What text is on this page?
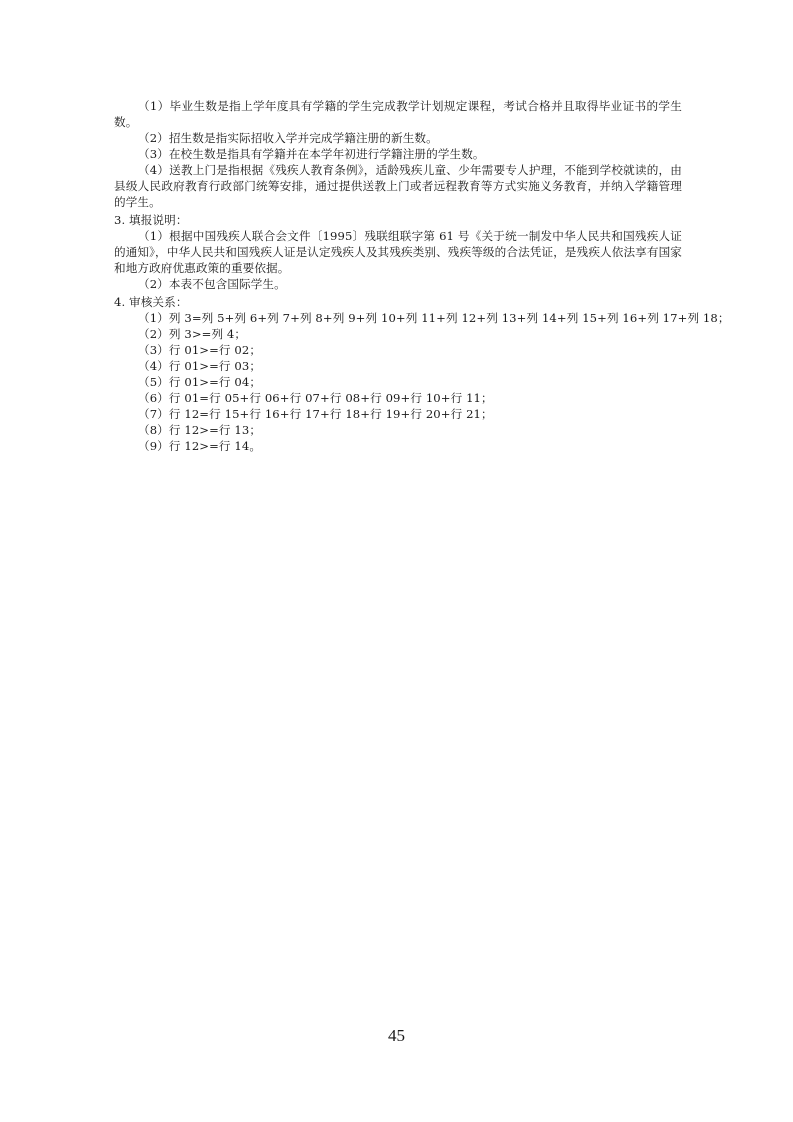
（1）毕业生数是指上学年度具有学籍的学生完成教学计划规定课程，考试合格并且取得毕业证书的学生数。

（2）招生数是指实际招收入学并完成学籍注册的新生数。

（3）在校生数是指具有学籍并在本学年初进行学籍注册的学生数。

（4）送教上门是指根据《残疾人教育条例》，适龄残疾儿童、少年需要专人护理，不能到学校就读的，由县级人民政府教育行政部门统筹安排，通过提供送教上门或者远程教育等方式实施义务教育，并纳入学籍管理的学生。

3. 填报说明：

（1）根据中国残疾人联合会文件〔1995〕残联组联字第 61 号《关于统一制发中华人民共和国残疾人证的通知》，中华人民共和国残疾人证是认定残疾人及其残疾类别、残疾等级的合法凭证，是残疾人依法享有国家和地方政府优惠政策的重要依据。

（2）本表不包含国际学生。

4. 审核关系：

（1）列 3=列 5+列 6+列 7+列 8+列 9+列 10+列 11+列 12+列 13+列 14+列 15+列 16+列 17+列 18；

（2）列 3>=列 4；

（3）行 01>=行 02；

（4）行 01>=行 03；

（5）行 01>=行 04；

（6）行 01=行 05+行 06+行 07+行 08+行 09+行 10+行 11；

（7）行 12=行 15+行 16+行 17+行 18+行 19+行 20+行 21；

（8）行 12>=行 13；

（9）行 12>=行 14。

45
